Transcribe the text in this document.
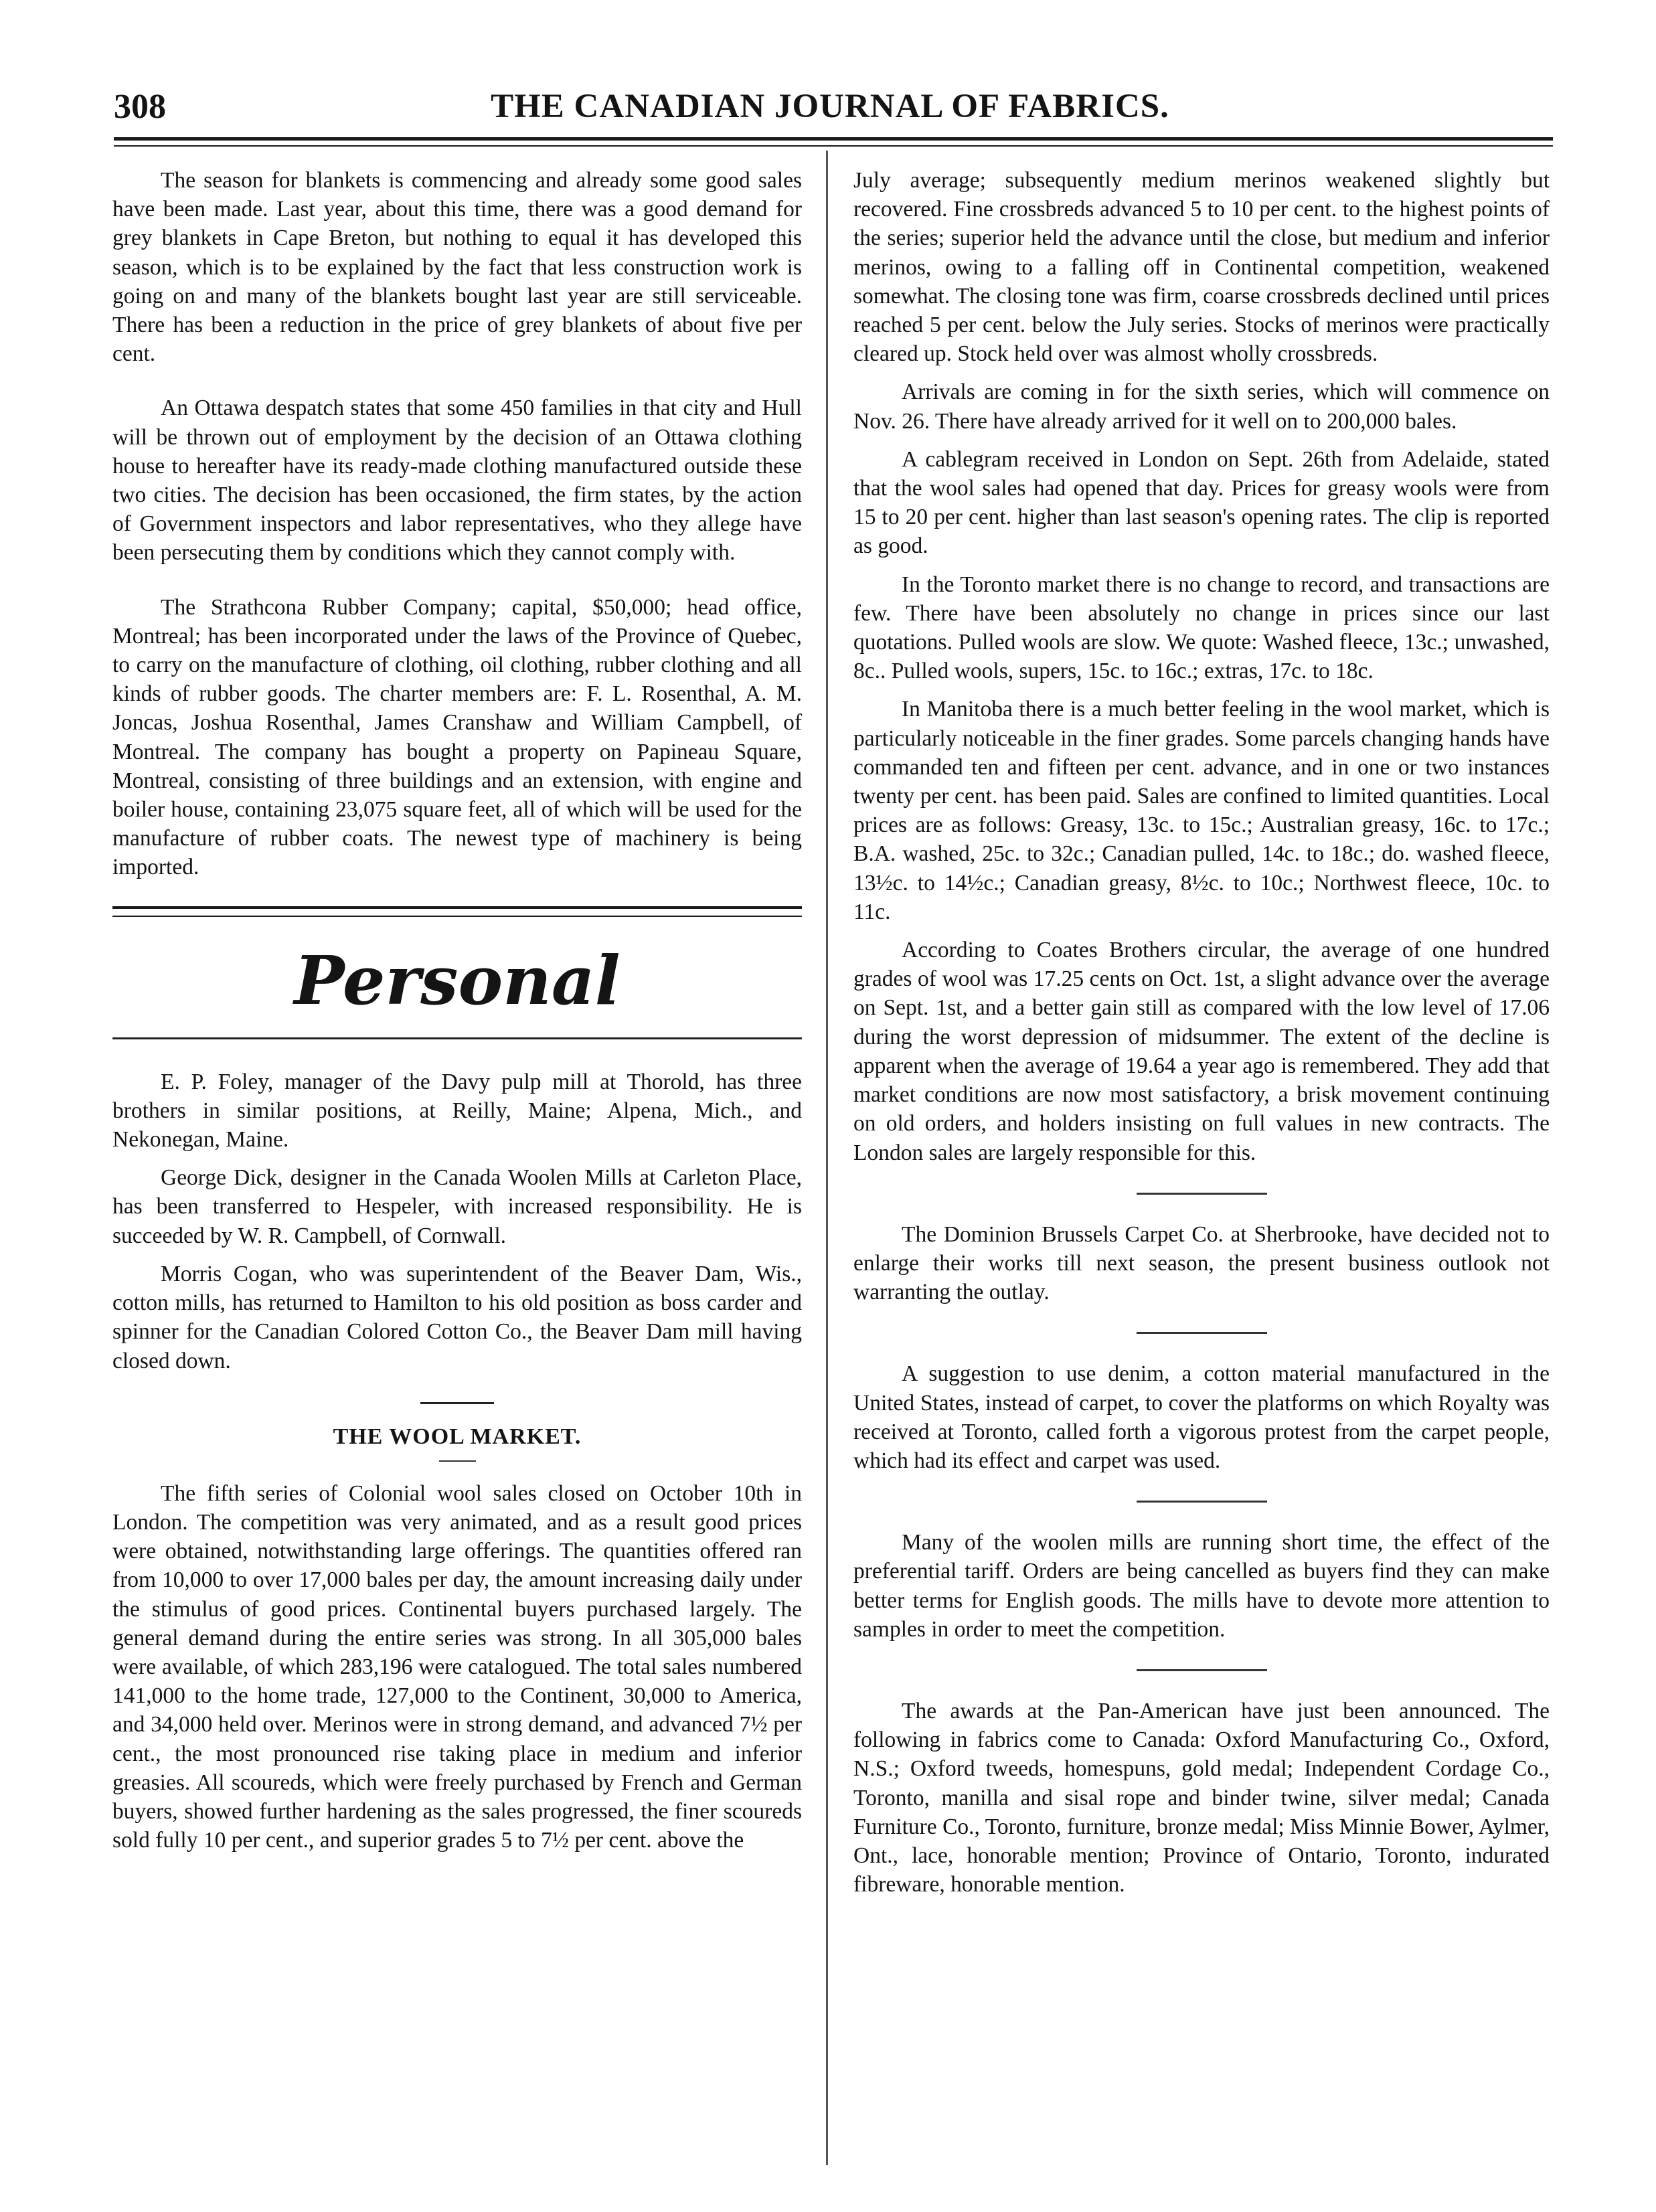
308	THE CANADIAN JOURNAL OF FABRICS.

The season for blankets is commencing and already some good sales have been made. Last year, about this time, there was a good demand for grey blankets in Cape Breton, but nothing to equal it has developed this season, which is to be explained by the fact that less construction work is going on and many of the blankets bought last year are still serviceable. There has been a reduction in the price of grey blankets of about five per cent.

An Ottawa despatch states that some 450 families in that city and Hull will be thrown out of employment by the decision of an Ottawa clothing house to hereafter have its ready-made clothing manufactured outside these two cities. The decision has been occasioned, the firm states, by the action of Government inspectors and labor representatives, who they allege have been persecuting them by conditions which they cannot comply with.

The Strathcona Rubber Company; capital, $50,000; head office, Montreal; has been incorporated under the laws of the Province of Quebec, to carry on the manufacture of clothing, oil clothing, rubber clothing and all kinds of rubber goods. The charter members are: F. L. Rosenthal, A. M. Joncas, Joshua Rosenthal, James Cranshaw and William Campbell, of Montreal. The company has bought a property on Papineau Square, Montreal, consisting of three buildings and an extension, with engine and boiler house, containing 23,075 square feet, all of which will be used for the manufacture of rubber coats. The newest type of machinery is being imported.

Personal

E. P. Foley, manager of the Davy pulp mill at Thorold, has three brothers in similar positions, at Reilly, Maine; Alpena, Mich., and Nekonegan, Maine.

George Dick, designer in the Canada Woolen Mills at Carleton Place, has been transferred to Hespeler, with increased responsibility. He is succeeded by W. R. Campbell, of Cornwall.

Morris Cogan, who was superintendent of the Beaver Dam, Wis., cotton mills, has returned to Hamilton to his old position as boss carder and spinner for the Canadian Colored Cotton Co., the Beaver Dam mill having closed down.

THE WOOL MARKET.

The fifth series of Colonial wool sales closed on October 10th in London. The competition was very animated, and as a result good prices were obtained, notwithstanding large offerings. The quantities offered ran from 10,000 to over 17,000 bales per day, the amount increasing daily under the stimulus of good prices. Continental buyers purchased largely. The general demand during the entire series was strong. In all 305,000 bales were available, of which 283,196 were catalogued. The total sales numbered 141,000 to the home trade, 127,000 to the Continent, 30,000 to America, and 34,000 held over. Merinos were in strong demand, and advanced 7½ per cent., the most pronounced rise taking place in medium and inferior greasies. All scoureds, which were freely purchased by French and German buyers, showed further hardening as the sales progressed, the finer scoureds sold fully 10 per cent., and superior grades 5 to 7½ per cent. above the

July average; subsequently medium merinos weakened slightly but recovered. Fine crossbreds advanced 5 to 10 per cent. to the highest points of the series; superior held the advance until the close, but medium and inferior merinos, owing to a falling off in Continental competition, weakened somewhat. The closing tone was firm, coarse crossbreds declined until prices reached 5 per cent. below the July series. Stocks of merinos were practically cleared up. Stock held over was almost wholly crossbreds.

Arrivals are coming in for the sixth series, which will commence on Nov. 26. There have already arrived for it well on to 200,000 bales.

A cablegram received in London on Sept. 26th from Adelaide, stated that the wool sales had opened that day. Prices for greasy wools were from 15 to 20 per cent. higher than last season's opening rates. The clip is reported as good.

In the Toronto market there is no change to record, and transactions are few. There have been absolutely no change in prices since our last quotations. Pulled wools are slow. We quote: Washed fleece, 13c.; unwashed, 8c.. Pulled wools, supers, 15c. to 16c.; extras, 17c. to 18c.

In Manitoba there is a much better feeling in the wool market, which is particularly noticeable in the finer grades. Some parcels changing hands have commanded ten and fifteen per cent. advance, and in one or two instances twenty per cent. has been paid. Sales are confined to limited quantities. Local prices are as follows: Greasy, 13c. to 15c.; Australian greasy, 16c. to 17c.; B.A. washed, 25c. to 32c.; Canadian pulled, 14c. to 18c.; do. washed fleece, 13½c. to 14½c.; Canadian greasy, 8½c. to 10c.; Northwest fleece, 10c. to 11c.

According to Coates Brothers circular, the average of one hundred grades of wool was 17.25 cents on Oct. 1st, a slight advance over the average on Sept. 1st, and a better gain still as compared with the low level of 17.06 during the worst depression of midsummer. The extent of the decline is apparent when the average of 19.64 a year ago is remembered. They add that market conditions are now most satisfactory, a brisk movement continuing on old orders, and holders insisting on full values in new contracts. The London sales are largely responsible for this.

The Dominion Brussels Carpet Co. at Sherbrooke, have decided not to enlarge their works till next season, the present business outlook not warranting the outlay.

A suggestion to use denim, a cotton material manufactured in the United States, instead of carpet, to cover the platforms on which Royalty was received at Toronto, called forth a vigorous protest from the carpet people, which had its effect and carpet was used.

Many of the woolen mills are running short time, the effect of the preferential tariff. Orders are being cancelled as buyers find they can make better terms for English goods. The mills have to devote more attention to samples in order to meet the competition.

The awards at the Pan-American have just been announced. The following in fabrics come to Canada: Oxford Manufacturing Co., Oxford, N.S.; Oxford tweeds, homespuns, gold medal; Independent Cordage Co., Toronto, manilla and sisal rope and binder twine, silver medal; Canada Furniture Co., Toronto, furniture, bronze medal; Miss Minnie Bower, Aylmer, Ont., lace, honorable mention; Province of Ontario, Toronto, indurated fibreware, honorable mention.
